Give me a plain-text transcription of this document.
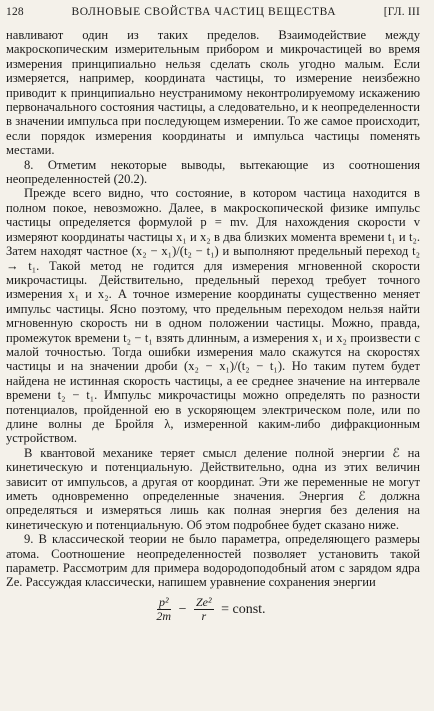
128	ВОЛНОВЫЕ СВОЙСТВА ЧАСТИЦ ВЕЩЕСТВА	[ГЛ. III

навливают один из таких пределов. Взаимодействие между макроскопическим измерительным прибором и микрочастицей во время измерения принципиально нельзя сделать сколь угодно малым. Если измеряется, например, координата частицы, то измерение неизбежно приводит к принципиально неустранимому неконтролируемому искажению первоначального состояния частицы, а следовательно, и к неопределенности в значении импульса при последующем измерении. То же самое происходит, если порядок измерения координаты и импульса частицы поменять местами.

8. Отметим некоторые выводы, вытекающие из соотношения неопределенностей (20.2).

Прежде всего видно, что состояние, в котором частица находится в полном покое, невозможно. Далее, в макроскопической физике импульс частицы определяется формулой p = mv. Для нахождения скорости v измеряют координаты частицы x₁ и x₂ в два близких момента времени t₁ и t₂. Затем находят частное (x₂ − x₁)/(t₂ − t₁) и выполняют предельный переход t₂ → t₁. Такой метод не годится для измерения мгновенной скорости микрочастицы. Действительно, предельный переход требует точного измерения x₁ и x₂. А точное измерение координаты существенно меняет импульс частицы. Ясно поэтому, что предельным переходом нельзя найти мгновенную скорость ни в одном положении частицы. Можно, правда, промежуток времени t₂ − t₁ взять длинным, а измерения x₁ и x₂ произвести с малой точностью. Тогда ошибки измерения мало скажутся на скоростях частицы и на значении дроби (x₂ − x₁)/(t₂ − t₁). Но таким путем будет найдена не истинная скорость частицы, а ее среднее значение на интервале времени t₂ − t₁. Импульс микрочастицы можно определять по разности потенциалов, пройденной ею в ускоряющем электрическом поле, или по длине волны де Бройля λ, измеренной каким-либо дифракционным устройством.

В квантовой механике теряет смысл деление полной энергии ℰ на кинетическую и потенциальную. Действительно, одна из этих величин зависит от импульсов, а другая от координат. Эти же переменные не могут иметь одновременно определенные значения. Энергия ℰ должна определяться и измеряться лишь как полная энергия без деления на кинетическую и потенциальную. Об этом подробнее будет сказано ниже.

9. В классической теории не было параметра, определяющего размеры атома. Соотношение неопределенностей позволяет установить такой параметр. Рассмотрим для примера водородоподобный атом с зарядом ядра Ze. Рассуждая классически, напишем уравнение сохранения энергии

$\frac{\text{p²}}{2m} - \frac{\text{Ze²}}{r}$ = const.
